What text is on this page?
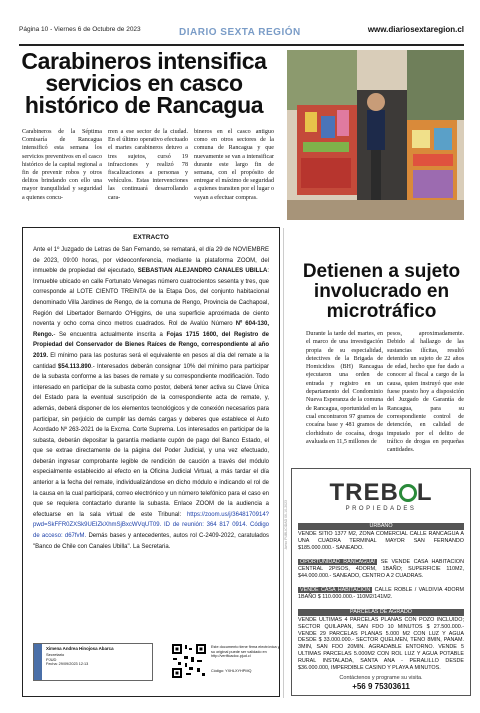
Página 10 - Viernes 6 de Octubre de 2023	DIARIO SEXTA REGIÓN	www.diariosextaregion.cl
Carabineros intensifica servicios en casco histórico de Rancagua
Carabineros de la Séptima Comisaría de Rancagua intensificó esta semana los servicios preventivos en el casco histórico de la capital regional a fin de prevenir robos y otros delitos brindando con ello una mayor tranquilidad y seguridad a quienes concu-
rren a ese sector de la ciudad. En el último operativo efectuado el martes carabineros detuvo a tres sujetos, cursó 19 infracciones y realizó 78 fiscalizaciones a personas y vehículos. Estas intervenciones las continuará desarrollando cara-
bineros en el casco antiguo como en otros sectores de la comuna de Rancagua y que nuevamente se van a intensificar durante este largo fin de semana, con el propósito de entregar el máximo de seguridad a quienes transiten por el lugar o vayan a efectuar compras.
EXTRACTO
Ante el 1º Juzgado de Letras de San Fernando, se rematará, el día 29 de NOVIEMBRE de 2023, 09:00 horas, por videoconferencia, mediante la plataforma ZOOM, del inmueble de propiedad del ejecutado, SEBASTIAN ALEJANDRO CANALES UBILLA: Inmueble ubicado en calle Fortunato Venegas número cuatrocientos sesenta y tres, que corresponde al LOTE CIENTO TREINTA de la Etapa Dos, del conjunto habitacional denominado Villa Jardines de Rengo, de la comuna de Rengo, Provincia de Cachapoal, Región del Libertador Bernardo O'Higgins, de una superficie aproximada de ciento noventa y ocho coma cinco metros cuadrados. Rol de Avalúo Número Nº 604-130, Rengo.- Se encuentra actualmente inscrita a Fojas 1715 1600, del Registro de Propiedad del Conservador de Bienes Raíces de Rengo, correspondiente al año 2019. El mínimo para las posturas será el equivalente en pesos al día del remate a la cantidad $54.113.890.- Interesados deberán consignar 10% del mínimo para participar de la subasta conforme a las bases de remate y su correspondiente modificación. Todo interesado en participar de la subasta como postor, deberá tener activa su Clave Única del Estado para la eventual suscripción de la correspondiente acta de remate, y, además, deberá disponer de los elementos tecnológicos y de conexión necesarios para participar, sin perjuicio de cumplir las demás cargas y deberes que establece el Auto Acordado Nº 263-2021 de la Excma. Corte Suprema. Los interesados en participar de la subasta, deberán depositar la garantía mediante cupón de pago del Banco Estado, el que se extrae directamente de la página del Poder Judicial, y una vez efectuado, deberán ingresar comprobante legible de rendición de caución a través del módulo especialmente establecido al efecto en la Oficina Judicial Virtual, a más tardar el día anterior a la fecha del remate, individualizándose en dicho módulo e indicando el rol de la causa en la cual participará, correo electrónico y un número telefónico para el caso en que se requiera contactarlo durante la subasta. Enlace ZOOM de la audiencia a efectuarse en la sala virtual de este Tribunal: https://zoom.us/j/3648170914?pwd=SkFFR0ZXSk9UEIZkXhmSjBxcWVqUT09. ID de reunión: 364 817 0914. Código de acceso: d67fvM. Demás bases y antecedentes, autos rol C-2409-2022, caratulados "Banco de Chile con Canales Ubilla". La Secretaria.
Ximena Andrea Hinojosa Abarca
Secretario
PJUD
Fecha: 29/09/2023 12:13
Este documento tiene firma electrónica y su original puede ser validado en http://verificadoc.pjud.cl
Código: YXHLXYHPMQ
Aviso PUBLICIDAD 06-10-2023
Detienen a sujeto involucrado en microtráfico
Durante la tarde del martes, en el marco de una investigación propia de su especialidad, detectives de la Brigada de Homicidios (BH) Rancagua ejecutaron una orden de entrada y registro en un departamento del Condominio Nueva Esperanza de la comuna de Rancagua, oportunidad en la cual encontraron 97 gramos de cocaína base y 481 gramos de clorhidrato de cocaína, droga avaluada en 11,5 millones de
pesos, aproximadamente. Debido al hallazgo de las sustancias ilícitas, resultó detenido un sujeto de 22 años de edad, hecho que fue dado a conocer al fiscal a cargo de la causa, quien instruyó que este fuese puesto hoy a disposición del Juzgado de Garantía de Rancagua, para su correspondiente control de detención, en calidad de imputado por el delito de tráfico de drogas en pequeñas cantidades.
TREB L
PROPIEDADES
URBANO
VENDE SITIO 1377 M2, ZONA COMERCIAL CALLE RANCAGUA A UNA CUADRA TERMINAL MAYOR SAN FERNANDO $185.000.000.- SANEADO.
OPORTUNIDAD RANCAGUA! SE VENDE CASA HABITACION CENTRAL 2PISOS, 4DORM, 1BAÑO; SUPERFICIE 110M2, $44.000.000.- SANEADO, CENTRO A 2 CUADRAS.
VENDE CASA HABITACION CALLE ROBLE / VALDIVIA 4DORM 1BAÑO $ 110.000.000.- 110M2/141M2.
PARCELAS DE AGRADO
VENDE ULTIMAS 4 PARCELAS PLANAS CON POZO INCLUIDO; SECTOR QUILAPAN, SAN FDO 10 MINUTOS $ 27.500.000.- VENDE 29 PARCELAS PLANAS 5.000 M2 CON LUZ Y AGUA DESDE $ 33.000.000.- SECTOR QUELMEN, TENO 8MIN, PANAM. 3MIN, SAN FDO 20MIN. AGRADABLE ENTORNO. VENDE 5 ULTIMAS PARCELAS 5.000M2 CON ROL LUZ Y AGUA POTABLE RURAL INSTALADA, SANTA ANA - PERALILLO DESDE $36.000.000, IMPERDIBLE CASINO Y PLAYA A MINUTOS.
Contáctenos y programe su visita.
+56 9 75303611
